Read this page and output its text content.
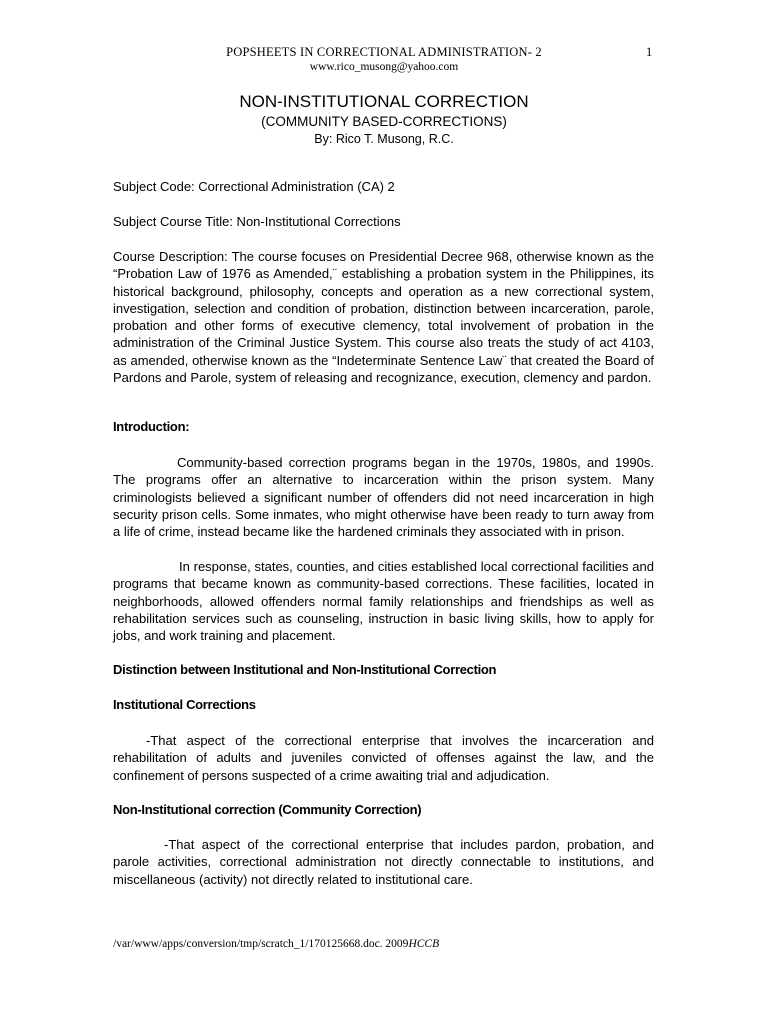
POPSHEETS IN CORRECTIONAL ADMINISTRATION- 2	1
www.rico_musong@yahoo.com
NON-INSTITUTIONAL CORRECTION
(COMMUNITY BASED-CORRECTIONS)
By: Rico T. Musong, R.C.
Subject Code: Correctional Administration (CA) 2
Subject Course Title: Non-Institutional Corrections
Course Description: The course focuses on Presidential Decree 968, otherwise known as the “Probation Law of 1976 as Amended,¨ establishing a probation system in the Philippines, its historical background, philosophy, concepts and operation as a new correctional system, investigation, selection and condition of probation, distinction between incarceration, parole, probation and other forms of executive clemency, total involvement of probation in the administration of the Criminal Justice System. This course also treats the study of act 4103, as amended, otherwise known as the “Indeterminate Sentence Law¨ that created the Board of Pardons and Parole, system of releasing and recognizance, execution, clemency and pardon.
Introduction:
Community-based correction programs began in the 1970s, 1980s, and 1990s. The programs offer an alternative to incarceration within the prison system. Many criminologists believed a significant number of offenders did not need incarceration in high security prison cells. Some inmates, who might otherwise have been ready to turn away from a life of crime, instead became like the hardened criminals they associated with in prison.
In response, states, counties, and cities established local correctional facilities and programs that became known as community-based corrections. These facilities, located in neighborhoods, allowed offenders normal family relationships and friendships as well as rehabilitation services such as counseling, instruction in basic living skills, how to apply for jobs, and work training and placement.
Distinction between Institutional and Non-Institutional Correction
Institutional Corrections
-That aspect of the correctional enterprise that involves the incarceration and rehabilitation of adults and juveniles convicted of offenses against the law, and the confinement of persons suspected of a crime awaiting trial and adjudication.
Non-Institutional correction (Community Correction)
-That aspect of the correctional enterprise that includes pardon, probation, and parole activities, correctional administration not directly connectable to institutions, and miscellaneous (activity) not directly related to institutional care.
/var/www/apps/conversion/tmp/scratch_1/170125668.doc. 2009HCCB
